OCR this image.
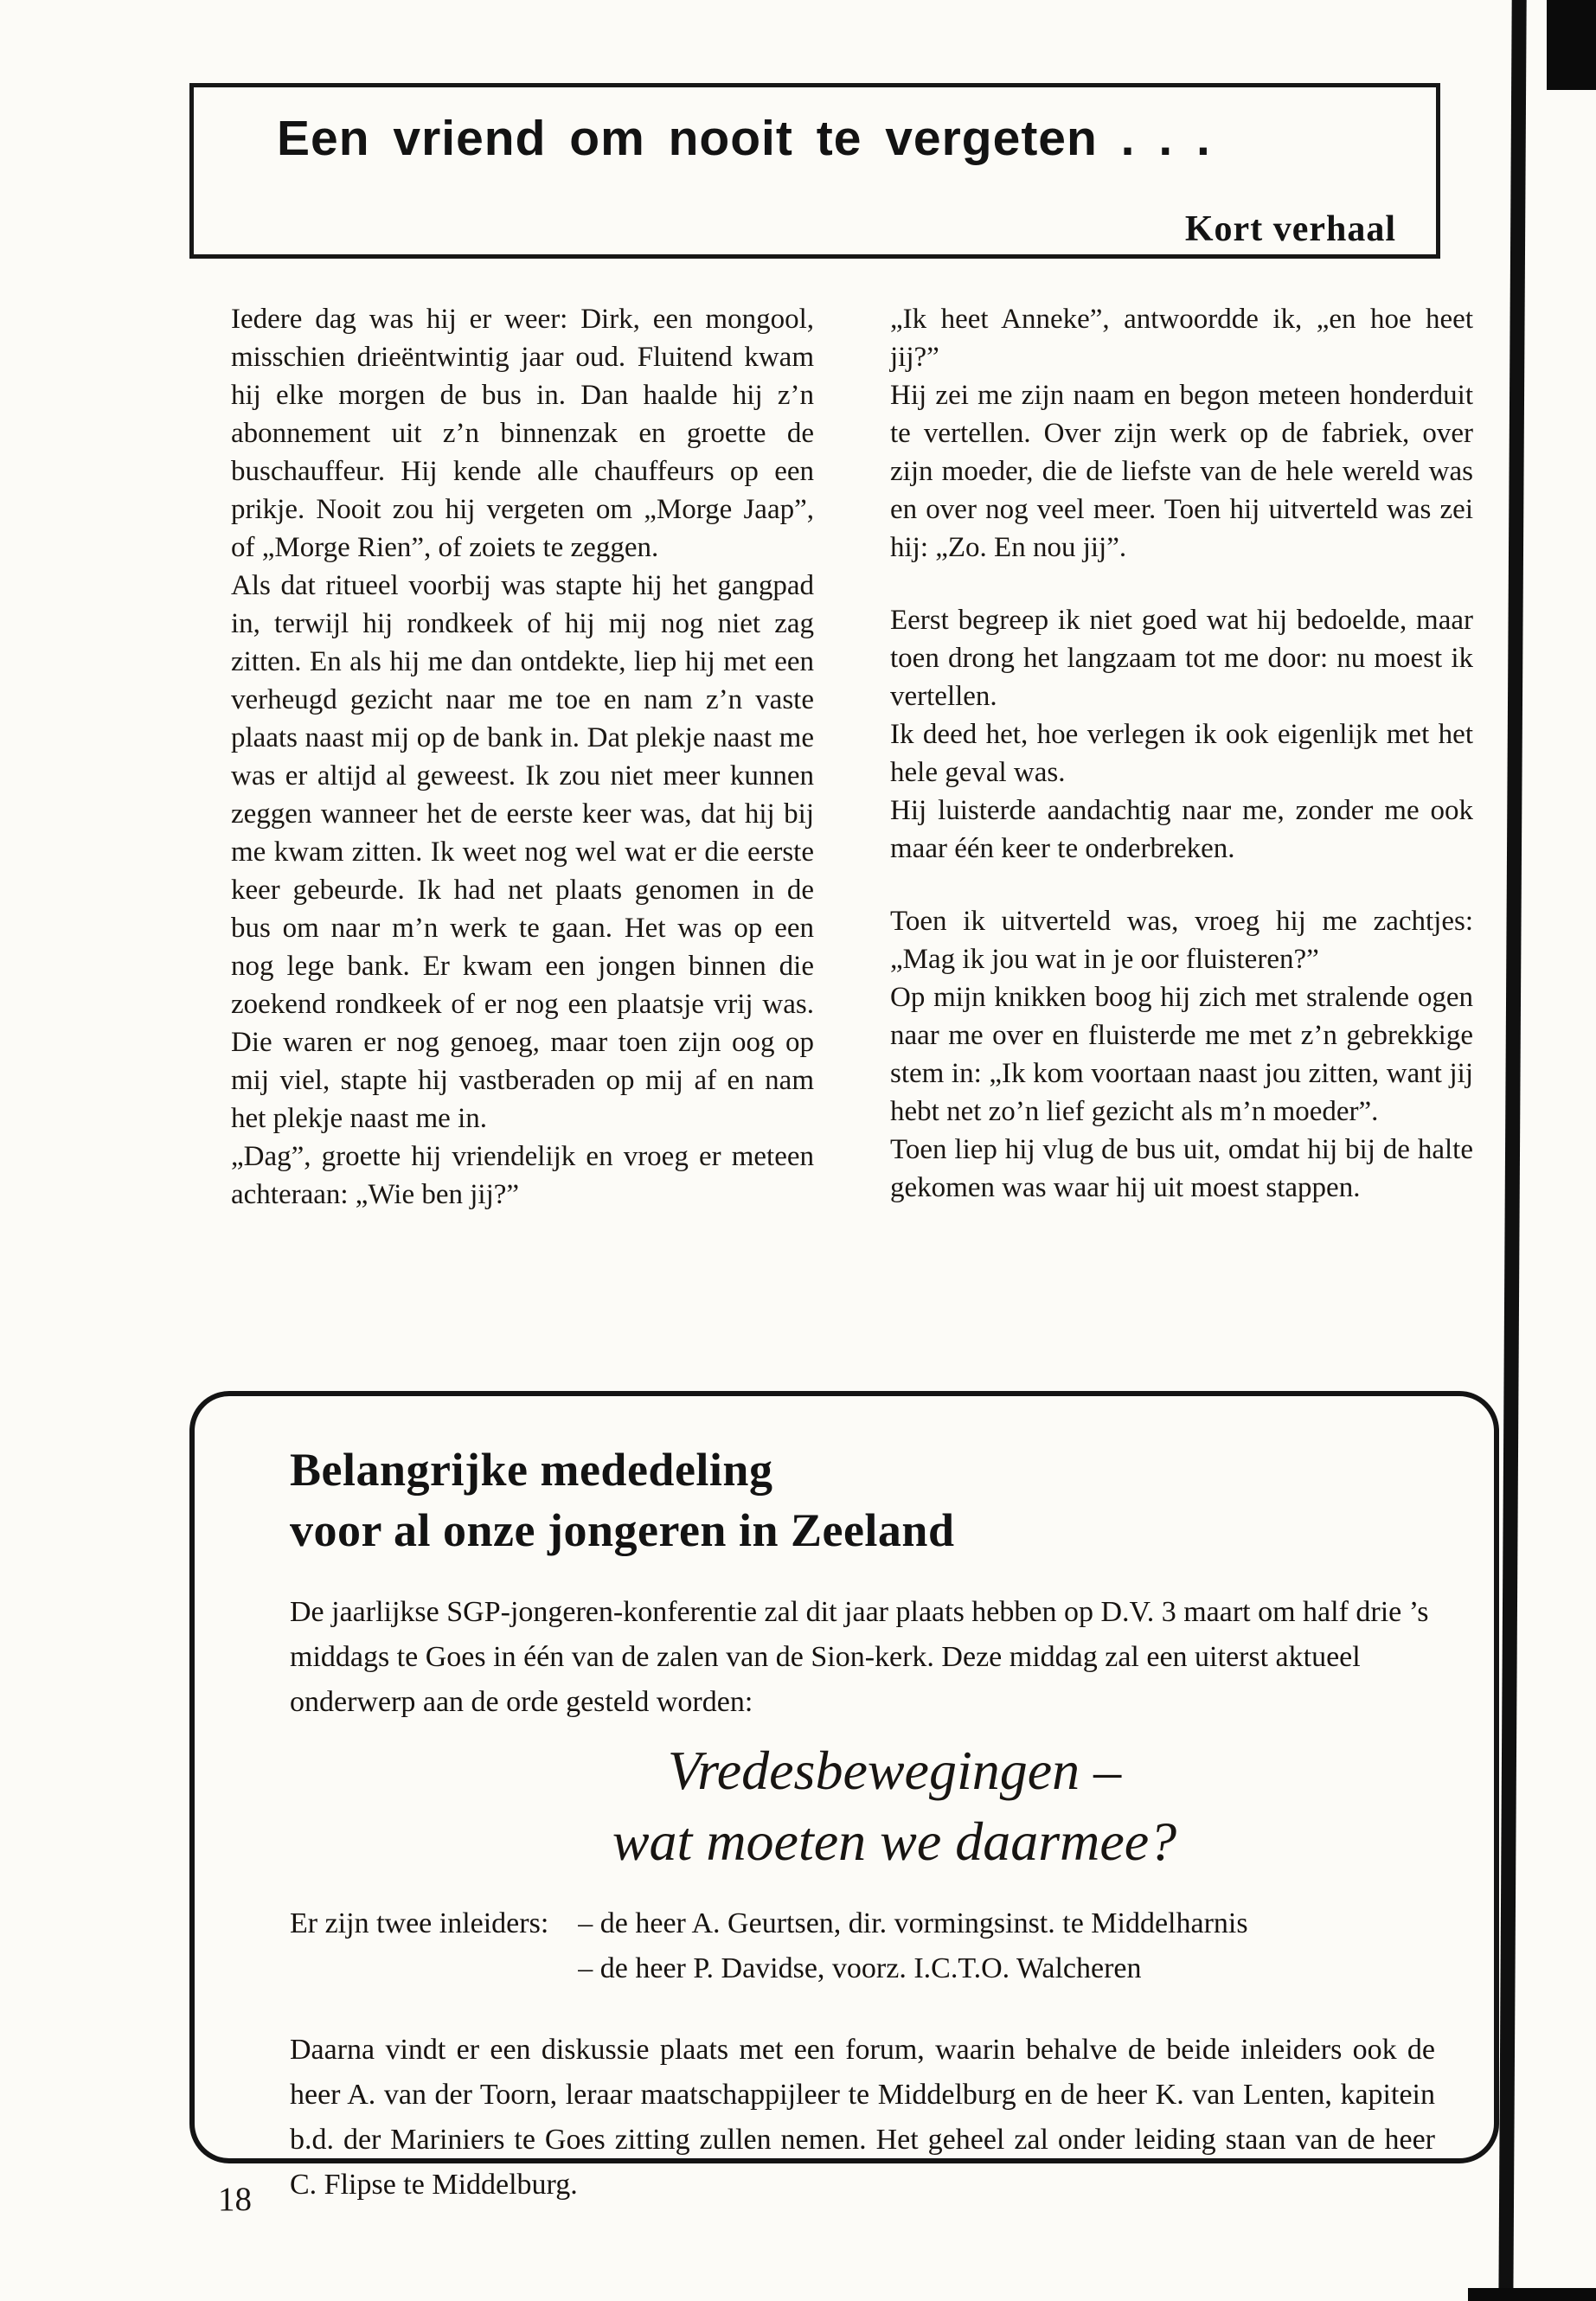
Een vriend om nooit te vergeten . . .
Kort verhaal

Iedere dag was hij er weer: Dirk, een mongool, misschien drieëntwintig jaar oud. Fluitend kwam hij elke morgen de bus in. Dan haalde hij z’n abonnement uit z’n binnenzak en groette de buschauffeur. Hij kende alle chauffeurs op een prikje. Nooit zou hij vergeten om „Morge Jaap”, of „Morge Rien”, of zoiets te zeggen.

Als dat ritueel voorbij was stapte hij het gangpad in, terwijl hij rondkeek of hij mij nog niet zag zitten. En als hij me dan ontdekte, liep hij met een verheugd gezicht naar me toe en nam z’n vaste plaats naast mij op de bank in. Dat plekje naast me was er altijd al geweest. Ik zou niet meer kunnen zeggen wanneer het de eerste keer was, dat hij bij me kwam zitten. Ik weet nog wel wat er die eerste keer gebeurde. Ik had net plaats genomen in de bus om naar m’n werk te gaan. Het was op een nog lege bank. Er kwam een jongen binnen die zoekend rondkeek of er nog een plaatsje vrij was. Die waren er nog genoeg, maar toen zijn oog op mij viel, stapte hij vastberaden op mij af en nam het plekje naast me in.

„Dag”, groette hij vriendelijk en vroeg er meteen achteraan: „Wie ben jij?”

„Ik heet Anneke”, antwoordde ik, „en hoe heet jij?”

Hij zei me zijn naam en begon meteen honderduit te vertellen. Over zijn werk op de fabriek, over zijn moeder, die de liefste van de hele wereld was en over nog veel meer. Toen hij uitverteld was zei hij: „Zo. En nou jij”.

Eerst begreep ik niet goed wat hij bedoelde, maar toen drong het langzaam tot me door: nu moest ik vertellen.

Ik deed het, hoe verlegen ik ook eigenlijk met het hele geval was.

Hij luisterde aandachtig naar me, zonder me ook maar één keer te onderbreken.

Toen ik uitverteld was, vroeg hij me zachtjes: „Mag ik jou wat in je oor fluisteren?”

Op mijn knikken boog hij zich met stralende ogen naar me over en fluisterde me met z’n gebrekkige stem in: „Ik kom voortaan naast jou zitten, want jij hebt net zo’n lief gezicht als m’n moeder”.

Toen liep hij vlug de bus uit, omdat hij bij de halte gekomen was waar hij uit moest stappen.

Belangrijke mededeling
voor al onze jongeren in Zeeland

De jaarlijkse SGP-jongeren-konferentie zal dit jaar plaats hebben op D.V. 3 maart om half drie ’s middags te Goes in één van de zalen van de Sion-kerk. Deze middag zal een uiterst aktueel onderwerp aan de orde gesteld worden:

Vredesbewegingen –
wat moeten we daarmee?
Er zijn twee inleiders: – de heer A. Geurtsen, dir. vormingsinst. te Middelharnis

– de heer P. Davidse, voorz. I.C.T.O. Walcheren

Daarna vindt er een diskussie plaats met een forum, waarin behalve de beide inleiders ook de heer A. van der Toorn, leraar maatschappijleer te Middelburg en de heer K. van Lenten, kapitein b.d. der Mariniers te Goes zitting zullen nemen. Het geheel zal onder leiding staan van de heer C. Flipse te Middelburg.

18
